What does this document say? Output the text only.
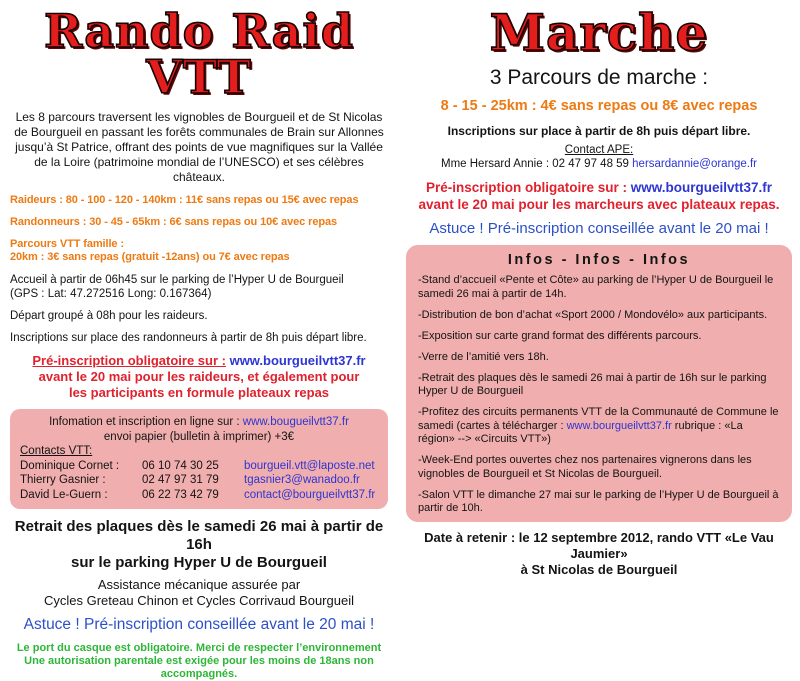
Rando Raid VTT

Les 8 parcours traversent les vignobles de Bourgueil et de St Nicolas de Bourgueil en passant les forêts communales de Brain sur Allonnes jusqu’à St Patrice, offrant des points de vue magnifiques sur la Vallée de la Loire (patrimoine mondial de l’UNESCO) et ses célèbres châteaux.

Raideurs : 80 - 100 - 120 - 140km : 11€ sans repas ou 15€ avec repas

Randonneurs : 30 - 45 - 65km : 6€ sans repas ou 10€ avec repas

Parcours VTT famille :
20km : 3€ sans repas (gratuit -12ans) ou 7€ avec repas

Accueil à partir de 06h45 sur le parking de l’Hyper U de Bourgueil
(GPS : Lat: 47.272516 Long: 0.167364)

Départ groupé à 08h pour les raideurs.

Inscriptions sur place des randonneurs à partir de 8h puis départ libre.

Pré-inscription obligatoire sur : www.bourgueilvtt37.fr
avant le 20 mai pour les raideurs, et également pour
les participants en formule plateaux repas

Infomation et inscription en ligne sur : www.bougueilvtt37.fr
envoi papier (bulletin à imprimer) +3€
Contacts VTT:
Dominique Cornet :	06 10 74 30 25	bourgueil.vtt@laposte.net
Thierry Gasnier :	02 47 97 31 79	tgasnier3@wanadoo.fr
David Le-Guern :	06 22 73 42 79	contact@bourgueilvtt37.fr

Retrait des plaques dès le samedi 26 mai à partir de 16h
sur le parking Hyper U de Bourgueil

Assistance mécanique assurée par
Cycles Greteau Chinon et Cycles Corrivaud Bourgueil

Astuce ! Pré-inscription conseillée avant le 20 mai !

Le port du casque est obligatoire. Merci de respecter l’environnement
Une autorisation parentale est exigée pour les moins de 18ans non accompagnés.

Marche

3 Parcours de marche :

8 - 15 - 25km : 4€ sans repas ou 8€ avec repas

Inscriptions sur place à partir de 8h puis départ libre.

Contact APE:
Mme Hersard Annie : 02 47 97 48 59 hersardannie@orange.fr

Pré-inscription obligatoire sur : www.bourgueilvtt37.fr
avant le 20 mai pour les marcheurs avec plateaux repas.

Astuce ! Pré-inscription conseillée avant le 20 mai !

Infos - Infos - Infos
-Stand d’accueil «Pente et Côte» au parking de l’Hyper U de Bourgueil le samedi 26 mai à partir de 14h.
-Distribution de bon d’achat «Sport 2000 / Mondovélo» aux participants.
-Exposition sur carte grand format des différents parcours.
-Verre de l’amitié vers 18h.
-Retrait des plaques dès le samedi 26 mai à partir de 16h sur le parking Hyper U de Bourgueil
-Profitez des circuits permanents VTT de la Communauté de Commune le samedi (cartes à télécharger : www.bourgueilvtt37.fr rubrique : «La région» --> «Circuits VTT»)
-Week-End portes ouvertes chez nos partenaires vignerons dans les vignobles de Bourgueil et St Nicolas de Bourgueil.
-Salon VTT le dimanche 27 mai sur le parking de l’Hyper U de Bourgueil à partir de 10h.

Date à retenir : le 12 septembre 2012, rando VTT «Le Vau Jaumier»
à St Nicolas de Bourgueil
